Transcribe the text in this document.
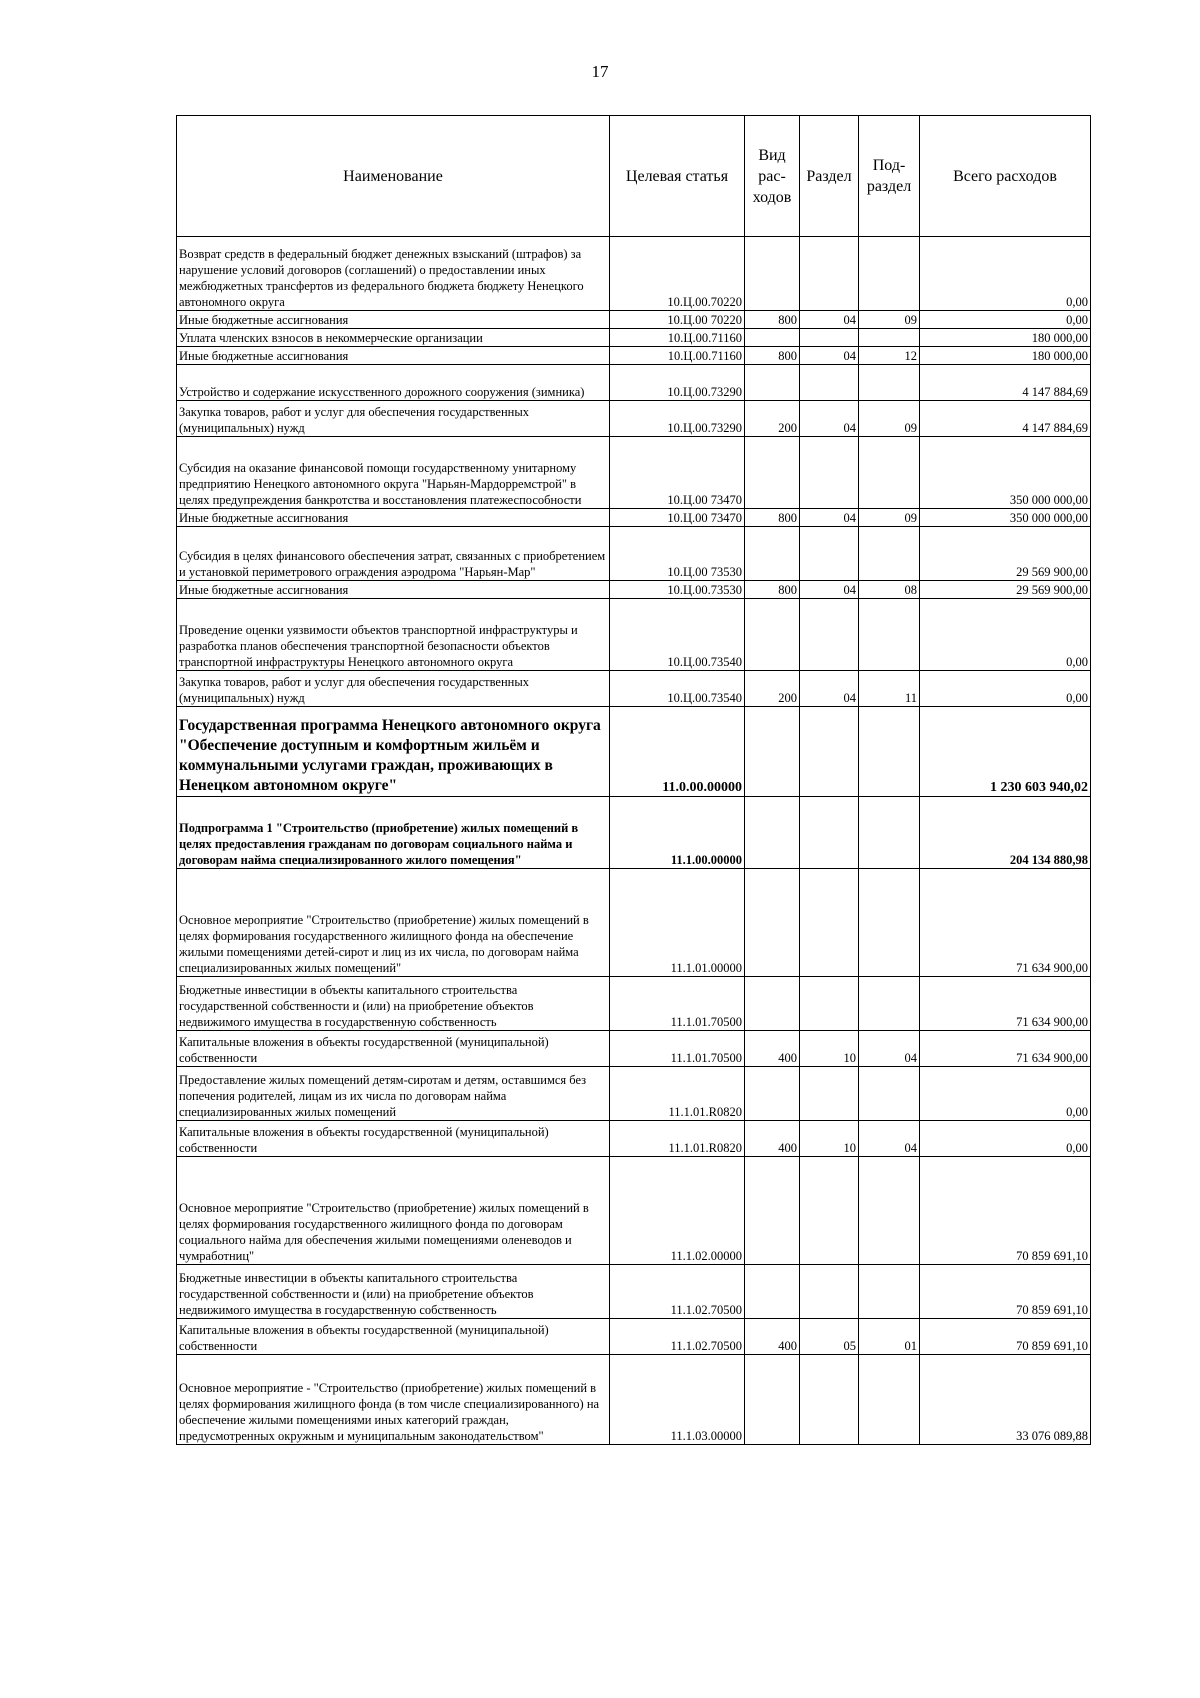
17
Наименование	Целевая статья	Вид рас- ходов	Раздел	Под- раздел	Всего расходов
Возврат средств в федеральный бюджет денежных взысканий (штрафов) за нарушение условий договоров (соглашений) о предоставлении иных межбюджетных трансфертов из федерального бюджета бюджету Ненецкого автономного округа	10.Ц.00.70220				0,00
Иные бюджетные ассигнования	10.Ц.00 70220	800	04	09	0,00
Уплата членских взносов в некоммерческие организации	10.Ц.00.71160				180 000,00
Иные бюджетные ассигнования	10.Ц.00.71160	800	04	12	180 000,00
Устройство и содержание искусственного дорожного сооружения (зимника)	10.Ц.00.73290				4 147 884,69
Закупка товаров, работ и услуг для обеспечения государственных (муниципальных) нужд	10.Ц.00.73290	200	04	09	4 147 884,69
Субсидия на оказание финансовой помощи государственному унитарному предприятию Ненецкого автономного округа "Нарьян-Мардорремстрой" в целях предупреждения банкротства и восстановления платежеспособности	10.Ц.00 73470				350 000 000,00
Иные бюджетные ассигнования	10.Ц.00 73470	800	04	09	350 000 000,00
Субсидия в целях финансового обеспечения затрат, связанных с приобретением и установкой периметрового ограждения аэродрома "Нарьян-Мар"	10.Ц.00 73530				29 569 900,00
Иные бюджетные ассигнования	10.Ц.00.73530	800	04	08	29 569 900,00
Проведение оценки уязвимости объектов транспортной инфраструктуры и разработка планов обеспечения транспортной безопасности объектов транспортной инфраструктуры Ненецкого автономного округа	10.Ц.00.73540				0,00
Закупка товаров, работ и услуг для обеспечения государственных (муниципальных) нужд	10.Ц.00.73540	200	04	11	0,00
Государственная программа Ненецкого автономного округа "Обеспечение доступным и комфортным жильём и коммунальными услугами граждан, проживающих в Ненецком автономном округе"	11.0.00.00000				1 230 603 940,02
Подпрограмма 1 "Строительство (приобретение) жилых помещений в целях предоставления гражданам по договорам социального найма и договорам найма специализированного жилого помещения"	11.1.00.00000				204 134 880,98
Основное мероприятие "Строительство (приобретение) жилых помещений в целях формирования государственного жилищного фонда на обеспечение жилыми помещениями детей-сирот и лиц из их числа, по договорам найма специализированных жилых помещений"	11.1.01.00000				71 634 900,00
Бюджетные инвестиции в объекты капитального строительства государственной собственности и (или) на приобретение объектов недвижимого имущества в государственную собственность	11.1.01.70500				71 634 900,00
Капитальные вложения в объекты государственной (муниципальной) собственности	11.1.01.70500	400	10	04	71 634 900,00
Предоставление жилых помещений детям-сиротам и детям, оставшимся без попечения родителей, лицам из их числа по договорам найма специализированных жилых помещений	11.1.01.R0820				0,00
Капитальные вложения в объекты государственной (муниципальной) собственности	11.1.01.R0820	400	10	04	0,00
Основное мероприятие "Строительство (приобретение) жилых помещений в целях формирования государственного жилищного фонда по договорам социального найма для обеспечения жилыми помещениями оленеводов и чумработниц"	11.1.02.00000				70 859 691,10
Бюджетные инвестиции в объекты капитального строительства государственной собственности и (или) на приобретение объектов недвижимого имущества в государственную собственность	11.1.02.70500				70 859 691,10
Капитальные вложения в объекты государственной (муниципальной) собственности	11.1.02.70500	400	05	01	70 859 691,10
Основное мероприятие - "Строительство (приобретение) жилых помещений в целях формирования жилищного фонда (в том числе специализированного) на обеспечение жилыми помещениями иных категорий граждан, предусмотренных окружным и муниципальным законодательством"	11.1.03.00000				33 076 089,88
